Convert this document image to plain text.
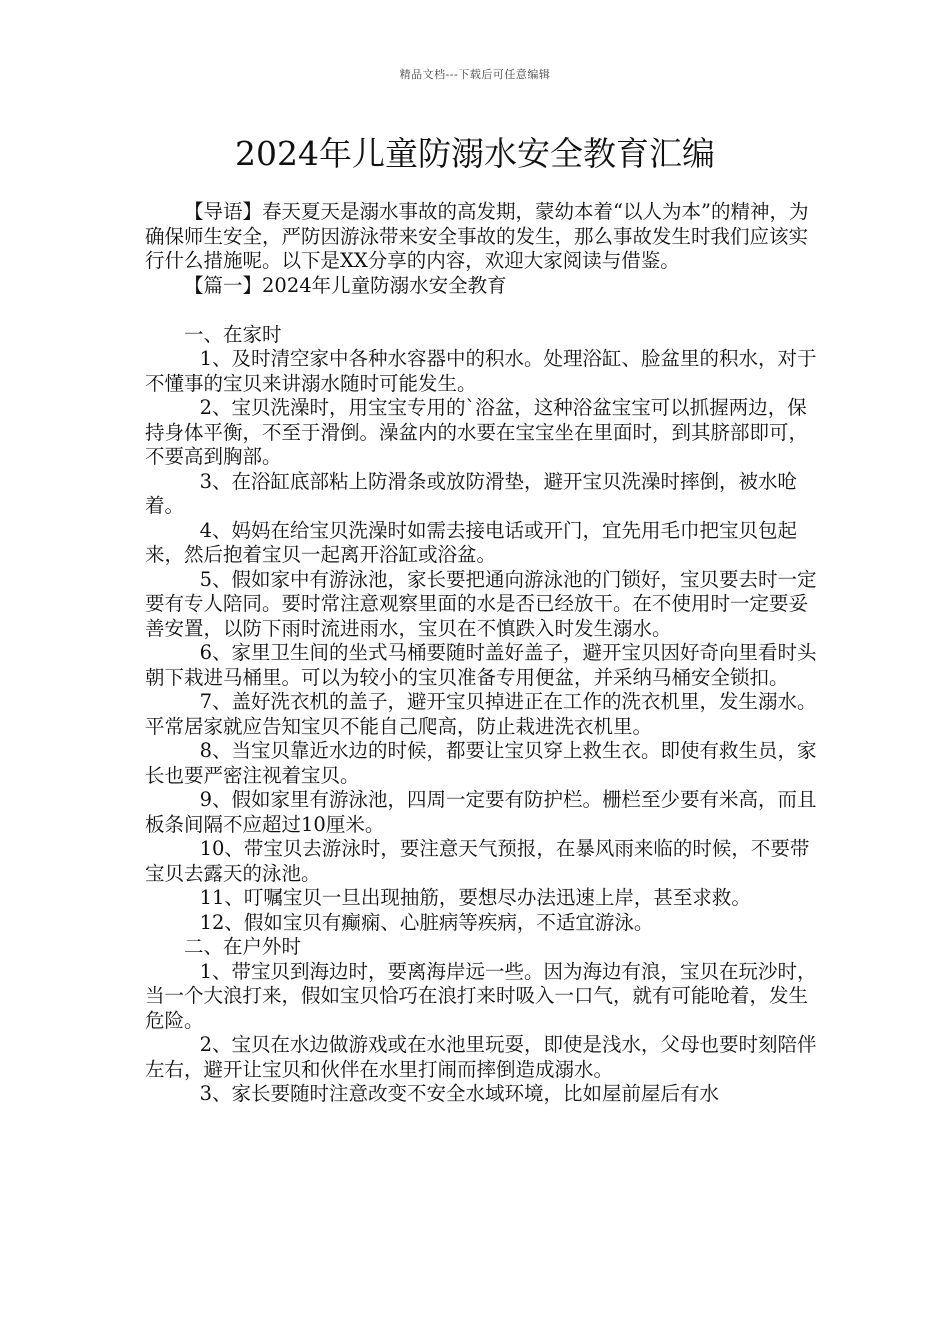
精品文档---下载后可任意编辑
2024年儿童防溺水安全教育汇编

【导语】春天夏天是溺水事故的高发期，蒙幼本着“以人为本”的精神，为确保师生安全，严防因游泳带来安全事故的发生，那么事故发生时我们应该实行什么措施呢。以下是XX分享的内容，欢迎大家阅读与借鉴。

【篇一】2024年儿童防溺水安全教育

一、在家时

1、及时清空家中各种水容器中的积水。处理浴缸、脸盆里的积水，对于不懂事的宝贝来讲溺水随时可能发生。

2、宝贝洗澡时，用宝宝专用的`浴盆，这种浴盆宝宝可以抓握两边，保持身体平衡，不至于滑倒。澡盆内的水要在宝宝坐在里面时，到其脐部即可，不要高到胸部。

3、在浴缸底部粘上防滑条或放防滑垫，避开宝贝洗澡时摔倒，被水呛着。

4、妈妈在给宝贝洗澡时如需去接电话或开门，宜先用毛巾把宝贝包起来，然后抱着宝贝一起离开浴缸或浴盆。

5、假如家中有游泳池，家长要把通向游泳池的门锁好，宝贝要去时一定要有专人陪同。要时常注意观察里面的水是否已经放干。在不使用时一定要妥善安置，以防下雨时流进雨水，宝贝在不慎跌入时发生溺水。

6、家里卫生间的坐式马桶要随时盖好盖子，避开宝贝因好奇向里看时头朝下栽进马桶里。可以为较小的宝贝准备专用便盆，并采纳马桶安全锁扣。

7、盖好洗衣机的盖子，避开宝贝掉进正在工作的洗衣机里，发生溺水。平常居家就应告知宝贝不能自己爬高，防止栽进洗衣机里。

8、当宝贝靠近水边的时候，都要让宝贝穿上救生衣。即使有救生员，家长也要严密注视着宝贝。

9、假如家里有游泳池，四周一定要有防护栏。栅栏至少要有米高，而且板条间隔不应超过10厘米。

10、带宝贝去游泳时，要注意天气预报，在暴风雨来临的时候，不要带宝贝去露天的泳池。

11、叮嘱宝贝一旦出现抽筋，要想尽办法迅速上岸，甚至求救。

12、假如宝贝有癫痫、心脏病等疾病，不适宜游泳。

二、在户外时

1、带宝贝到海边时，要离海岸远一些。因为海边有浪，宝贝在玩沙时，当一个大浪打来，假如宝贝恰巧在浪打来时吸入一口气，就有可能呛着，发生危险。

2、宝贝在水边做游戏或在水池里玩耍，即使是浅水，父母也要时刻陪伴左右，避开让宝贝和伙伴在水里打闹而摔倒造成溺水。

3、家长要随时注意改变不安全水域环境，比如屋前屋后有水
